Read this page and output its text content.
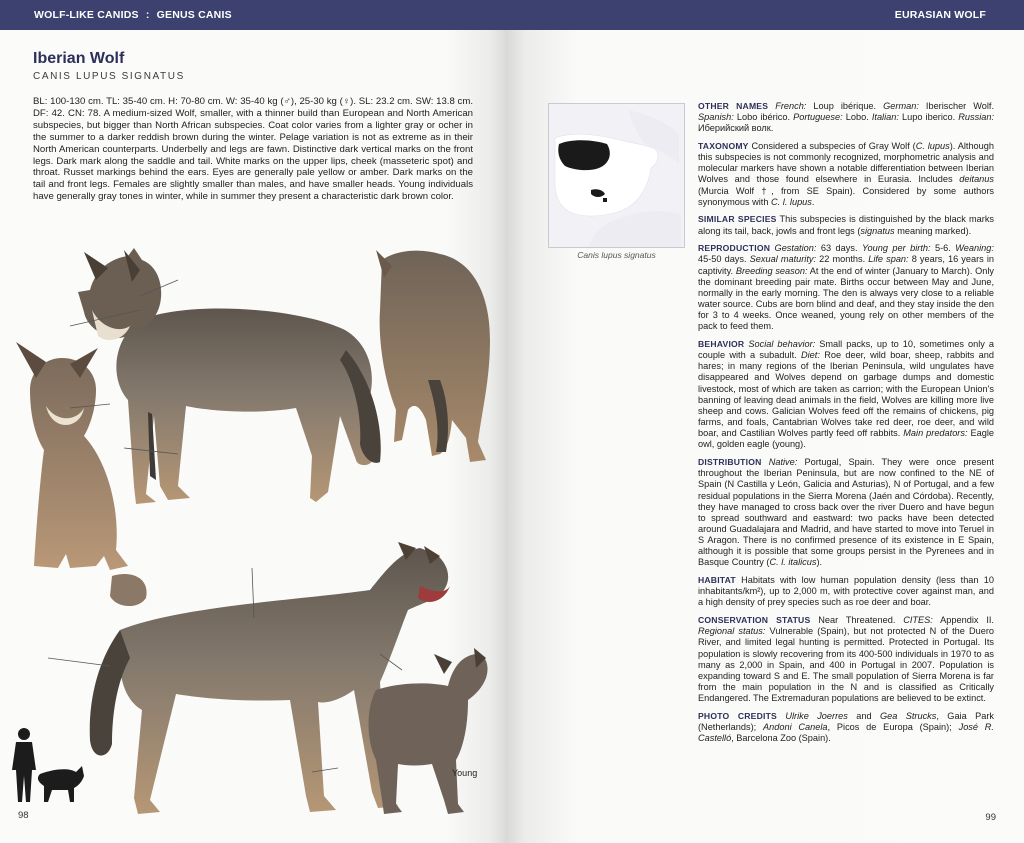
WOLF-LIKE CANIDS : GENUS CANIS
Iberian Wolf
CANIS LUPUS SIGNATUS
BL: 100-130 cm. TL: 35-40 cm. H: 70-80 cm. W: 35-40 kg (♂), 25-30 kg (♀). SL: 23.2 cm. SW: 13.8 cm. DF: 42. CN: 78. A medium-sized Wolf, smaller, with a thinner build than European and North American subspecies, but bigger than North African subspecies. Coat color varies from a lighter gray or ocher in the summer to a darker reddish brown during the winter. Pelage variation is not as extreme as in their North American counterparts. Underbelly and legs are fawn. Distinctive dark vertical marks on the front legs. Dark mark along the saddle and tail. White marks on the upper lips, cheek (masseteric spot) and throat. Russet markings behind the ears. Eyes are generally pale yellow or amber. Dark marks on the tail and front legs. Females are slightly smaller than males, and have smaller heads. Young individuals have generally gray tones in winter, while in summer they present a characteristic dark brown color.
Young
98
EURASIAN WOLF
Canis lupus signatus
OTHER NAMES French: Loup ibérique. German: Iberischer Wolf. Spanish: Lobo ibérico. Portuguese: Lobo. Italian: Lupo iberico. Russian: Иберийский волк.
TAXONOMY Considered a subspecies of Gray Wolf (C. lupus). Although this subspecies is not commonly recognized, morphometric analysis and molecular markers have shown a notable differentiation between Iberian Wolves and those found elsewhere in Eurasia. Includes deitanus (Murcia Wolf †, from SE Spain). Considered by some authors synonymous with C. l. lupus.
SIMILAR SPECIES This subspecies is distinguished by the black marks along its tail, back, jowls and front legs (signatus meaning marked).
REPRODUCTION Gestation: 63 days. Young per birth: 5-6. Weaning: 45-50 days. Sexual maturity: 22 months. Life span: 8 years, 16 years in captivity. Breeding season: At the end of winter (January to March). Only the dominant breeding pair mate. Births occur between May and June, normally in the early morning. The den is always very close to a reliable water source. Cubs are born blind and deaf, and they stay inside the den for 3 to 4 weeks. Once weaned, young rely on other members of the pack to feed them.
BEHAVIOR Social behavior: Small packs, up to 10, sometimes only a couple with a subadult. Diet: Roe deer, wild boar, sheep, rabbits and hares; in many regions of the Iberian Peninsula, wild ungulates have disappeared and Wolves depend on garbage dumps and domestic livestock, most of which are taken as carrion; with the European Union's banning of leaving dead animals in the field, Wolves are killing more live sheep and cows. Galician Wolves feed off the remains of chickens, pig farms, and foals, Cantabrian Wolves take red deer, roe deer, and wild boar, and Castilian Wolves partly feed off rabbits. Main predators: Eagle owl, golden eagle (young).
DISTRIBUTION Native: Portugal, Spain. They were once present throughout the Iberian Peninsula, but are now confined to the NE of Spain (N Castilla y León, Galicia and Asturias), N of Portugal, and a few residual populations in the Sierra Morena (Jaén and Córdoba). Recently, they have managed to cross back over the river Duero and have begun to spread southward and eastward: two packs have been detected around Guadalajara and Madrid, and have started to move into Teruel in S Aragon. There is no confirmed presence of its existence in E Spain, although it is possible that some groups persist in the Pyrenees and in Basque Country (C. l. italicus).
HABITAT Habitats with low human population density (less than 10 inhabitants/km²), up to 2,000 m, with protective cover against man, and a high density of prey species such as roe deer and boar.
CONSERVATION STATUS Near Threatened. CITES: Appendix II. Regional status: Vulnerable (Spain), but not protected N of the Duero River, and limited legal hunting is permitted. Protected in Portugal. Its population is slowly recovering from its 400-500 individuals in 1970 to as many as 2,000 in Spain, and 400 in Portugal in 2007. Population is expanding toward S and E. The small population of Sierra Morena is far from the main population in the N and is classified as Critically Endangered. The Extremaduran populations are believed to be extinct.
PHOTO CREDITS Ulrike Joerres and Gea Strucks, Gaia Park (Netherlands); Andoni Canela, Picos de Europa (Spain); José R. Castelló, Barcelona Zoo (Spain).
99
